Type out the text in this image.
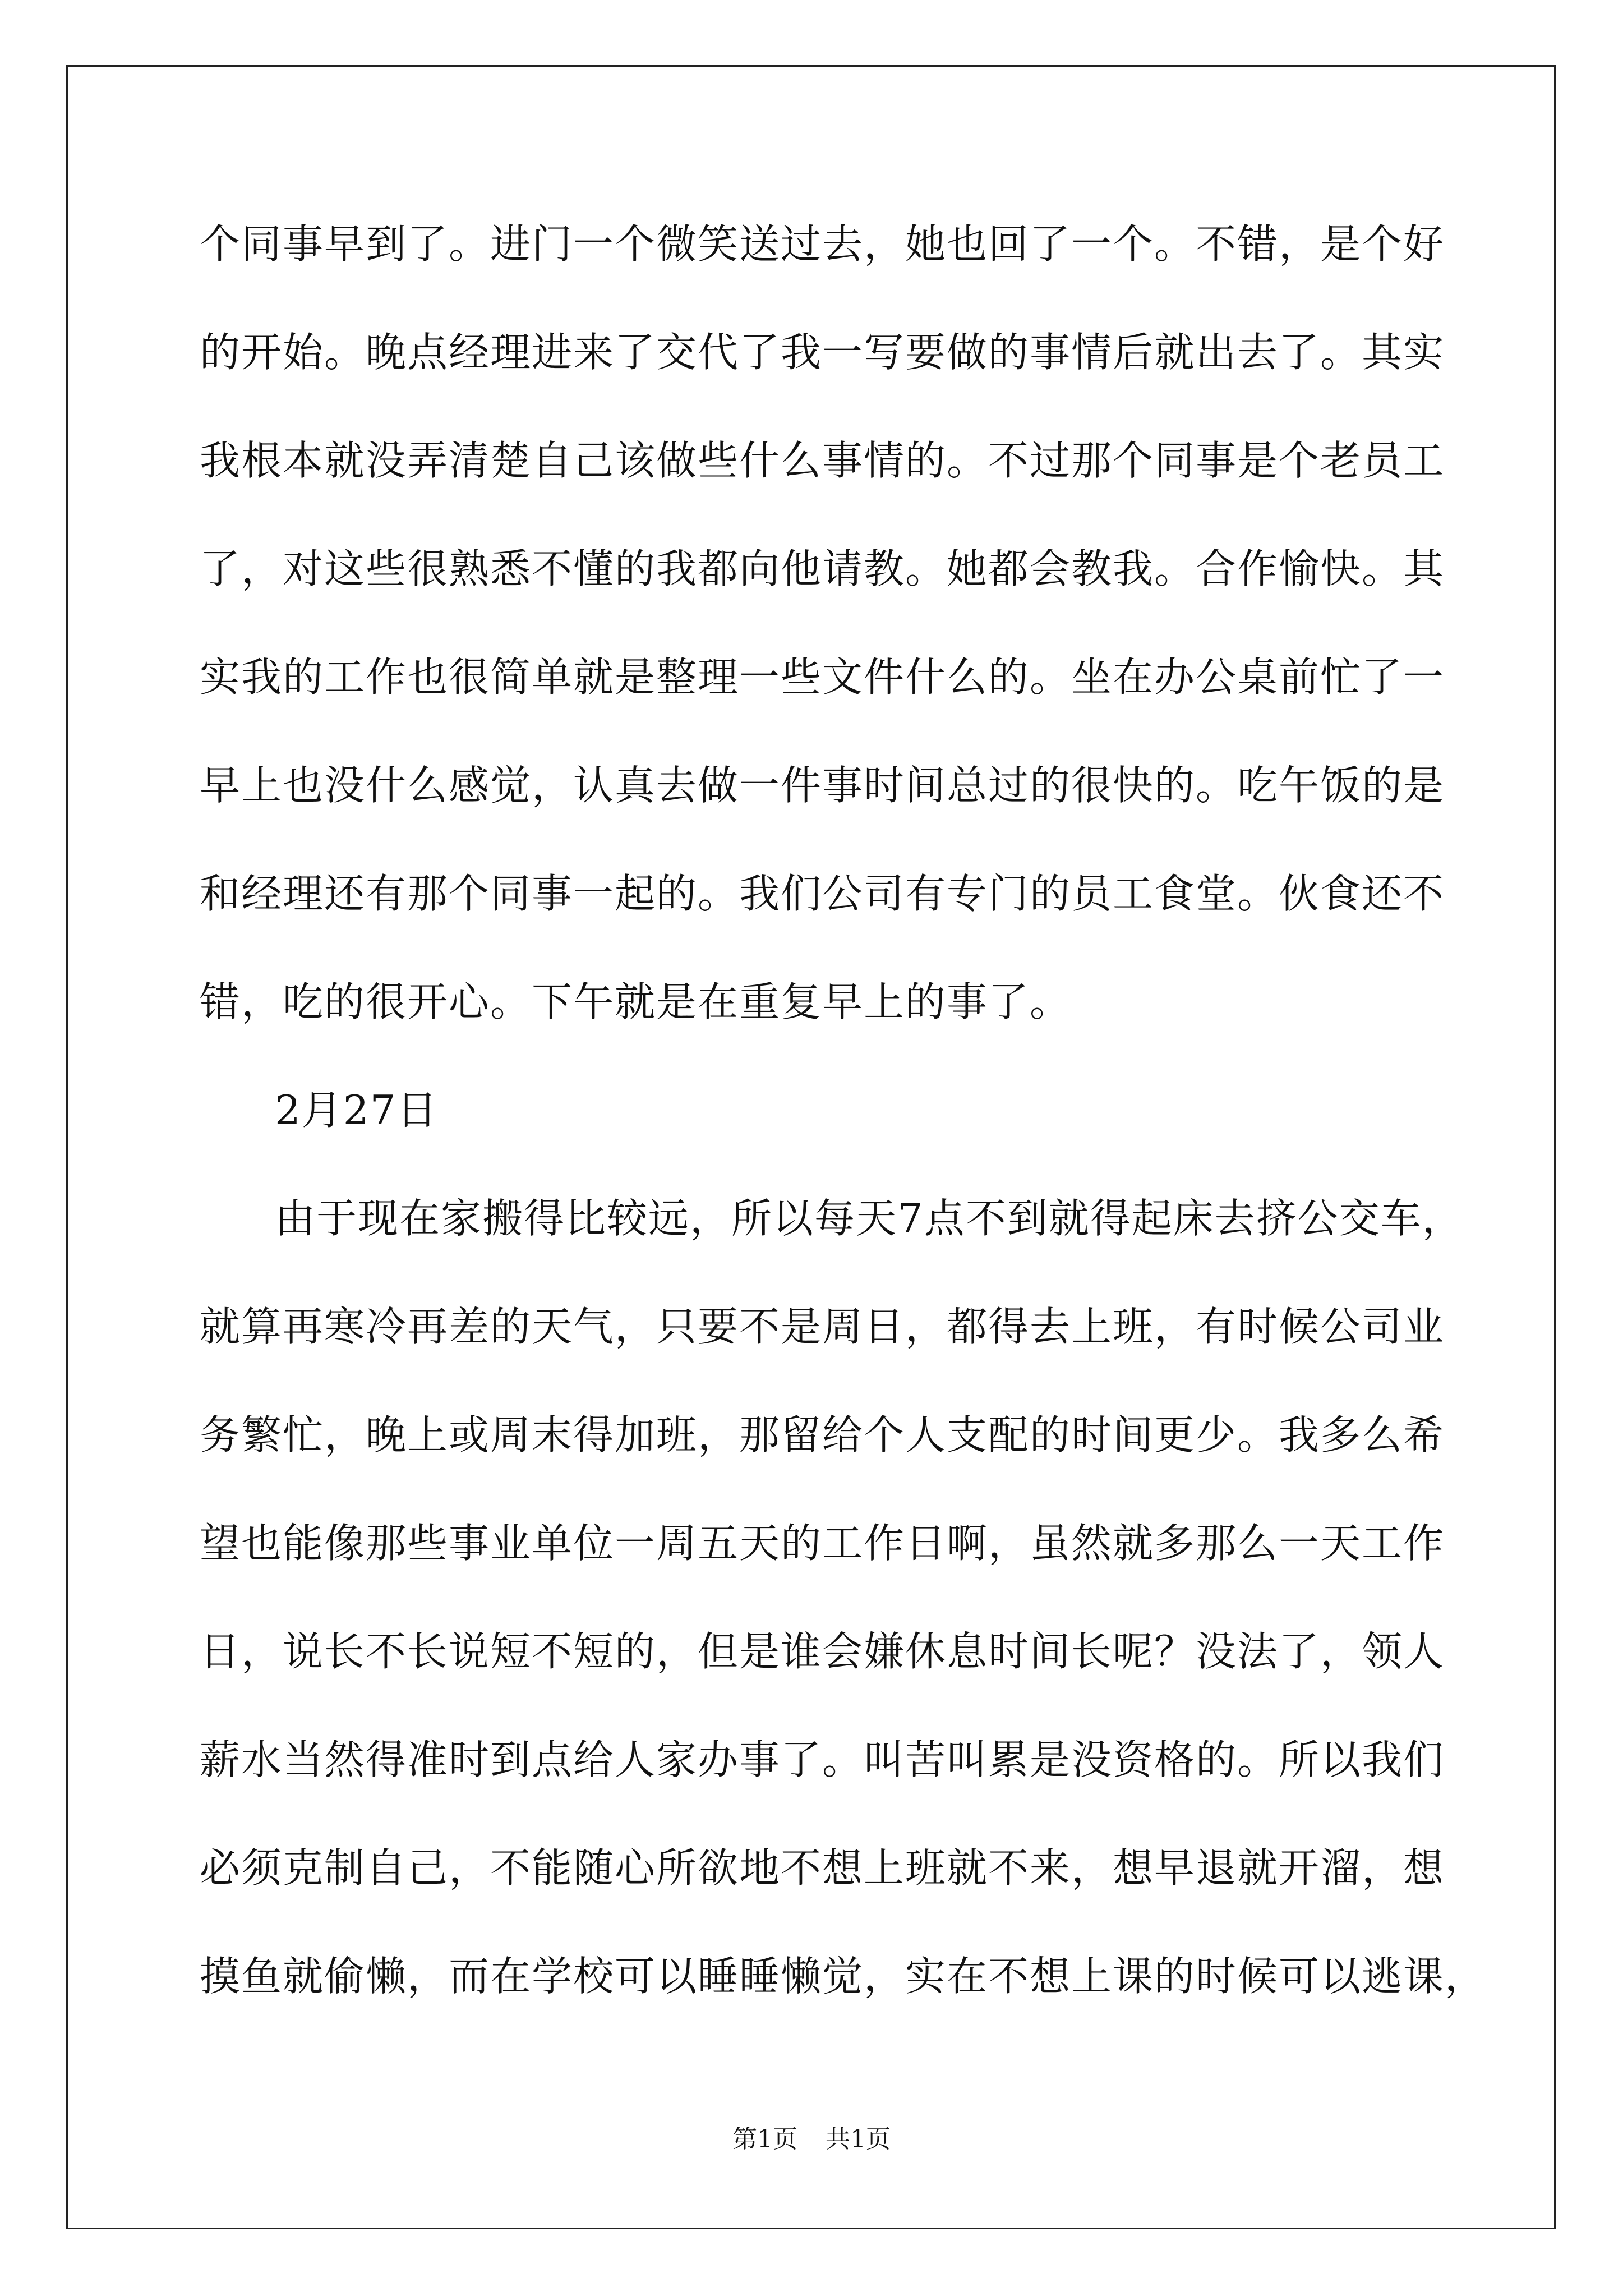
个同事早到了。进门一个微笑送过去，她也回了一个。不错，是个好
的开始。晚点经理进来了交代了我一写要做的事情后就出去了。其实
我根本就没弄清楚自己该做些什么事情的。不过那个同事是个老员工
了，对这些很熟悉不懂的我都向他请教。她都会教我。合作愉快。其
实我的工作也很简单就是整理一些文件什么的。坐在办公桌前忙了一
早上也没什么感觉，认真去做一件事时间总过的很快的。吃午饭的是
和经理还有那个同事一起的。我们公司有专门的员工食堂。伙食还不
错，吃的很开心。下午就是在重复早上的事了。
2月27日
由于现在家搬得比较远，所以每天7点不到就得起床去挤公交车，
就算再寒冷再差的天气，只要不是周日，都得去上班，有时候公司业
务繁忙，晚上或周末得加班，那留给个人支配的时间更少。我多么希
望也能像那些事业单位一周五天的工作日啊，虽然就多那么一天工作
日，说长不长说短不短的，但是谁会嫌休息时间长呢？没法了，领人
薪水当然得准时到点给人家办事了。叫苦叫累是没资格的。所以我们
必须克制自己，不能随心所欲地不想上班就不来，想早退就开溜，想
摸鱼就偷懒，而在学校可以睡睡懒觉，实在不想上课的时候可以逃课，
第1页 共1页
